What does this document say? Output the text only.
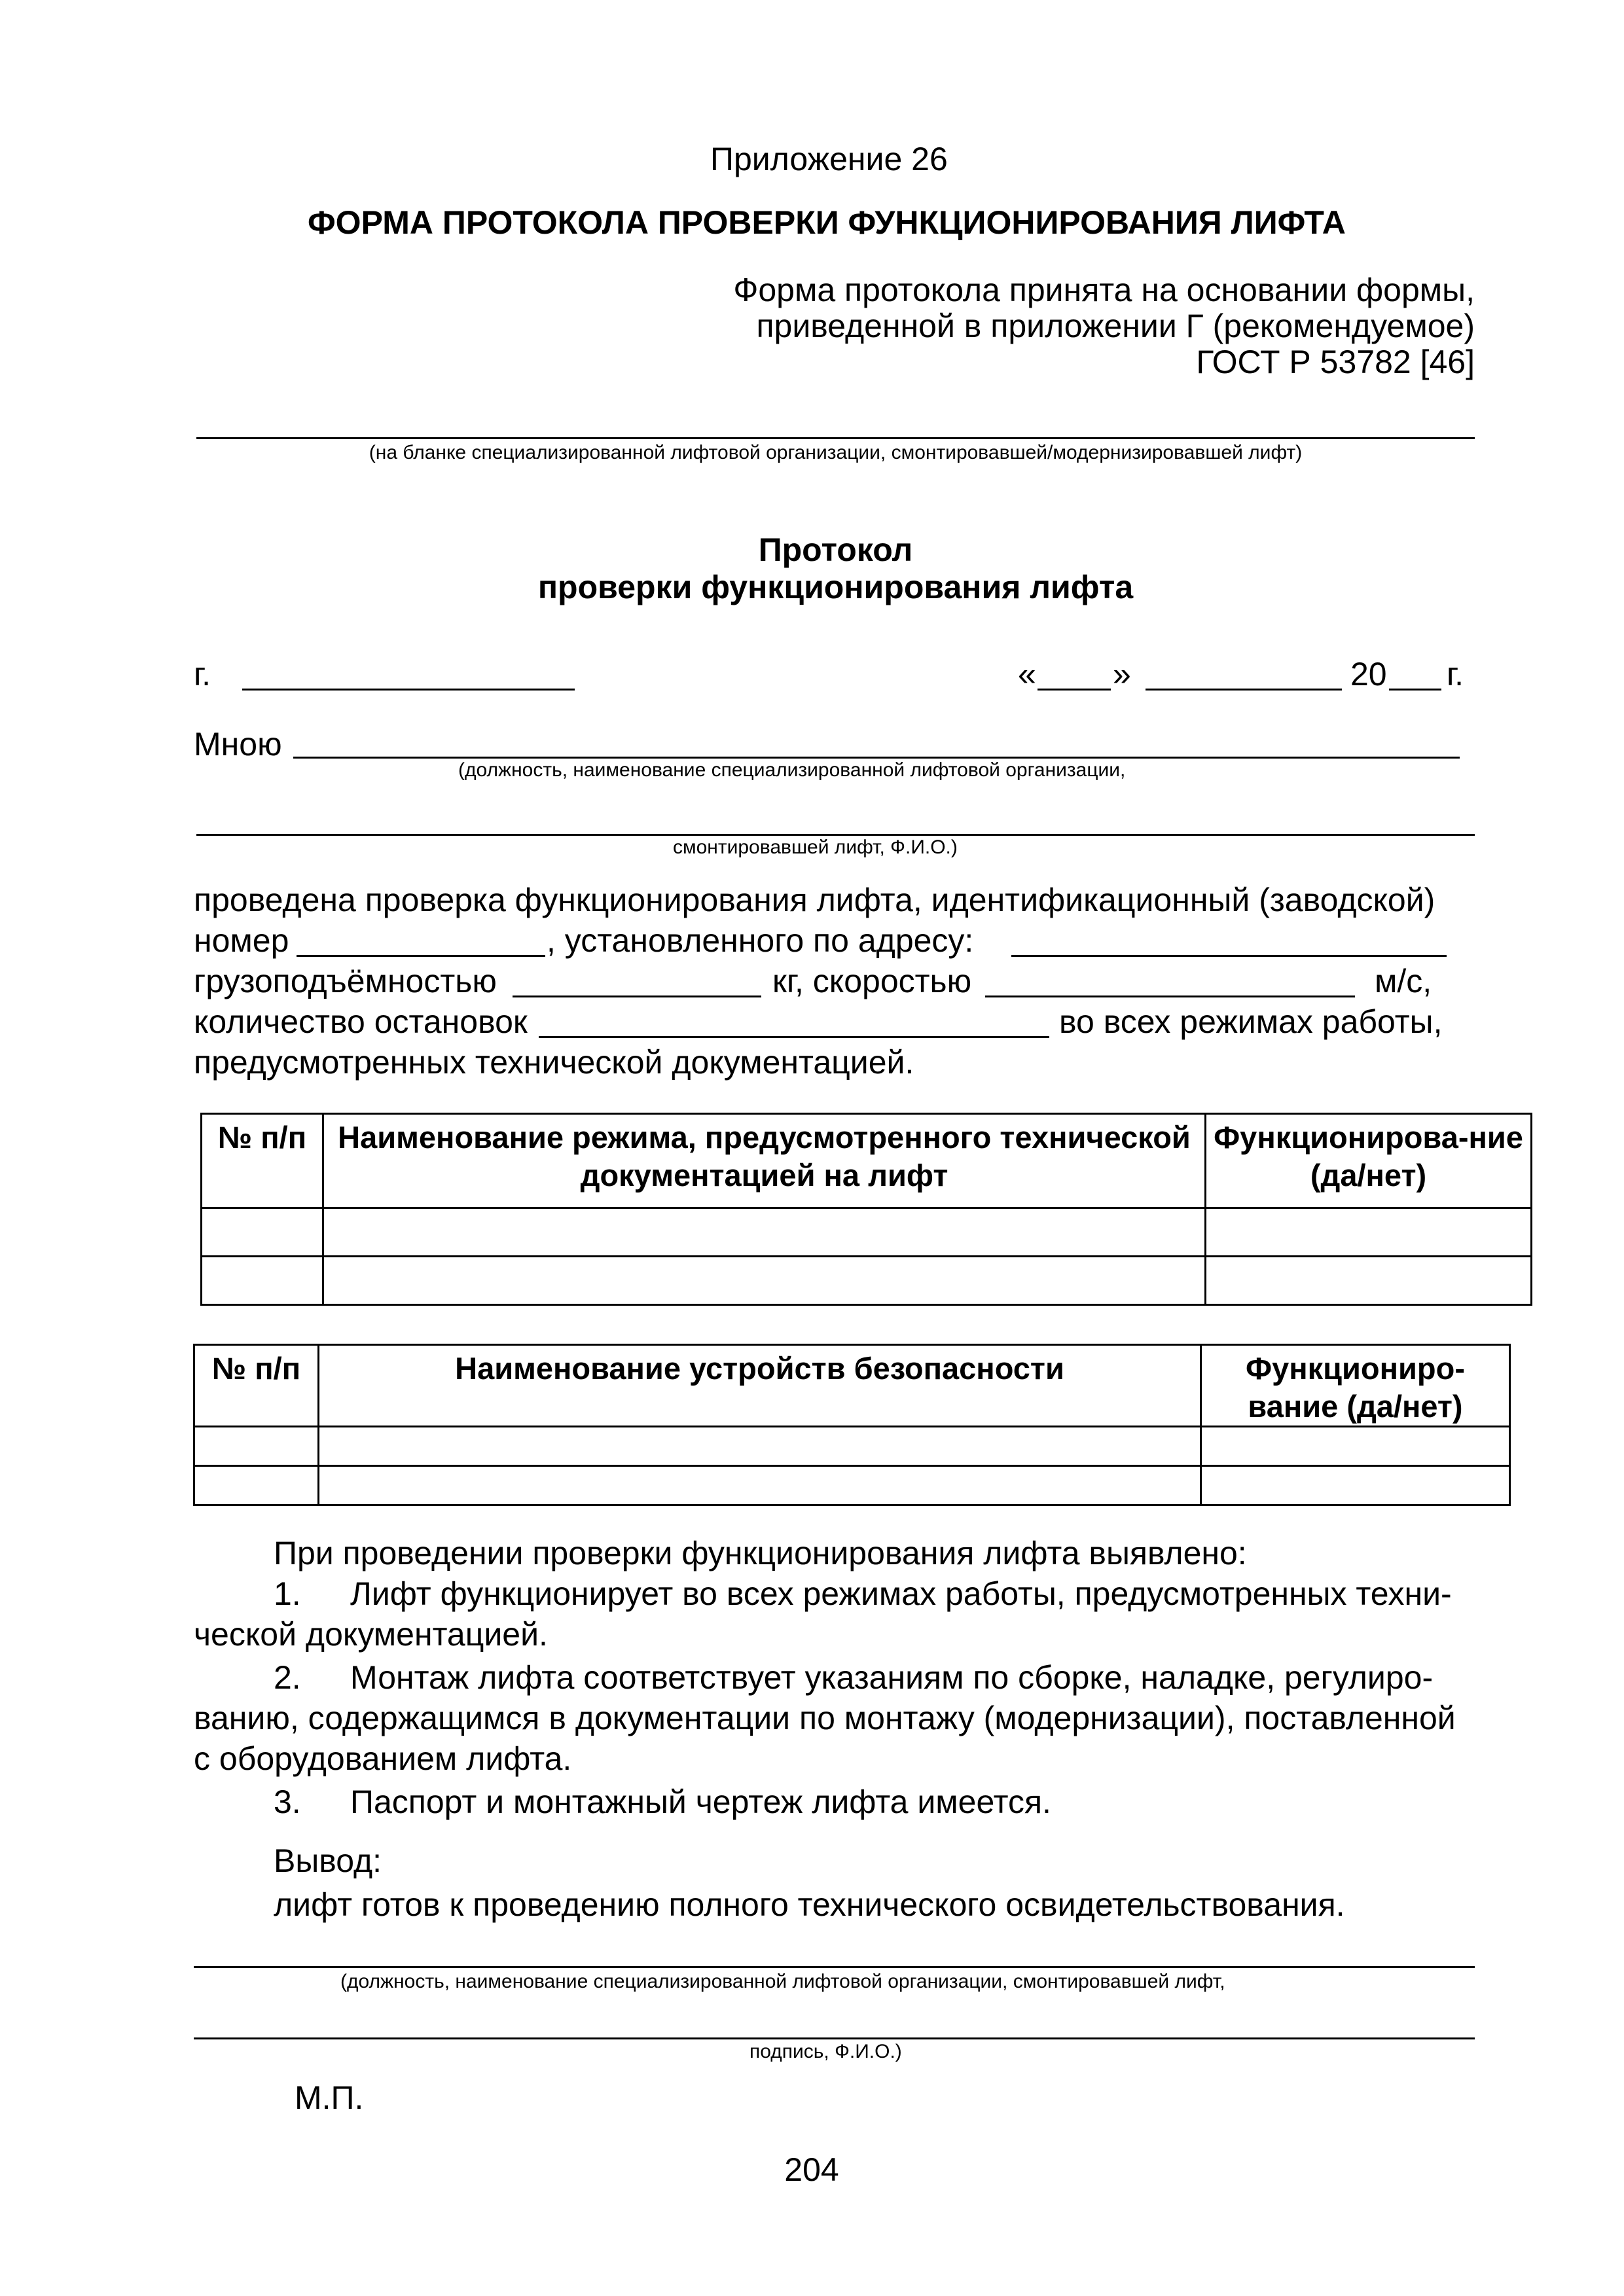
Приложение 26
ФОРМА ПРОТОКОЛА ПРОВЕРКИ ФУНКЦИОНИРОВАНИЯ ЛИФТА
Форма протокола принята на основании формы,
приведенной в приложении Г (рекомендуемое)
ГОСТ Р 53782 [46]
(на бланке специализированной лифтовой организации, смонтировавшей/модернизировавшей лифт)
Протокол
проверки функционирования лифта
г.	« »	20 г.
Мною
(должность, наименование специализированной лифтовой организации,
смонтировавшей лифт, Ф.И.О.)
проведена проверка функционирования лифта, идентификационный (заводской)
номер	, установленного по адресу:
грузоподъёмностью	кг, скоростью	м/с,
количество остановок	во всех режимах работы,
предусмотренных технической документацией.
№ п/п	Наименование режима, предусмотренного технической документацией на лифт	Функционирова-ние (да/нет)

№ п/п	Наименование устройств безопасности	Функциониро-вание (да/нет)

При проведении проверки функционирования лифта выявлено:
1. Лифт функционирует во всех режимах работы, предусмотренных техни-
ческой документацией.
2. Монтаж лифта соответствует указаниям по сборке, наладке, регулиро-
ванию, содержащимся в документации по монтажу (модернизации), поставленной
с оборудованием лифта.
3. Паспорт и монтажный чертеж лифта имеется.
Вывод:
лифт готов к проведению полного технического освидетельствования.
(должность, наименование специализированной лифтовой организации, смонтировавшей лифт,
подпись, Ф.И.О.)
М.П.
204
